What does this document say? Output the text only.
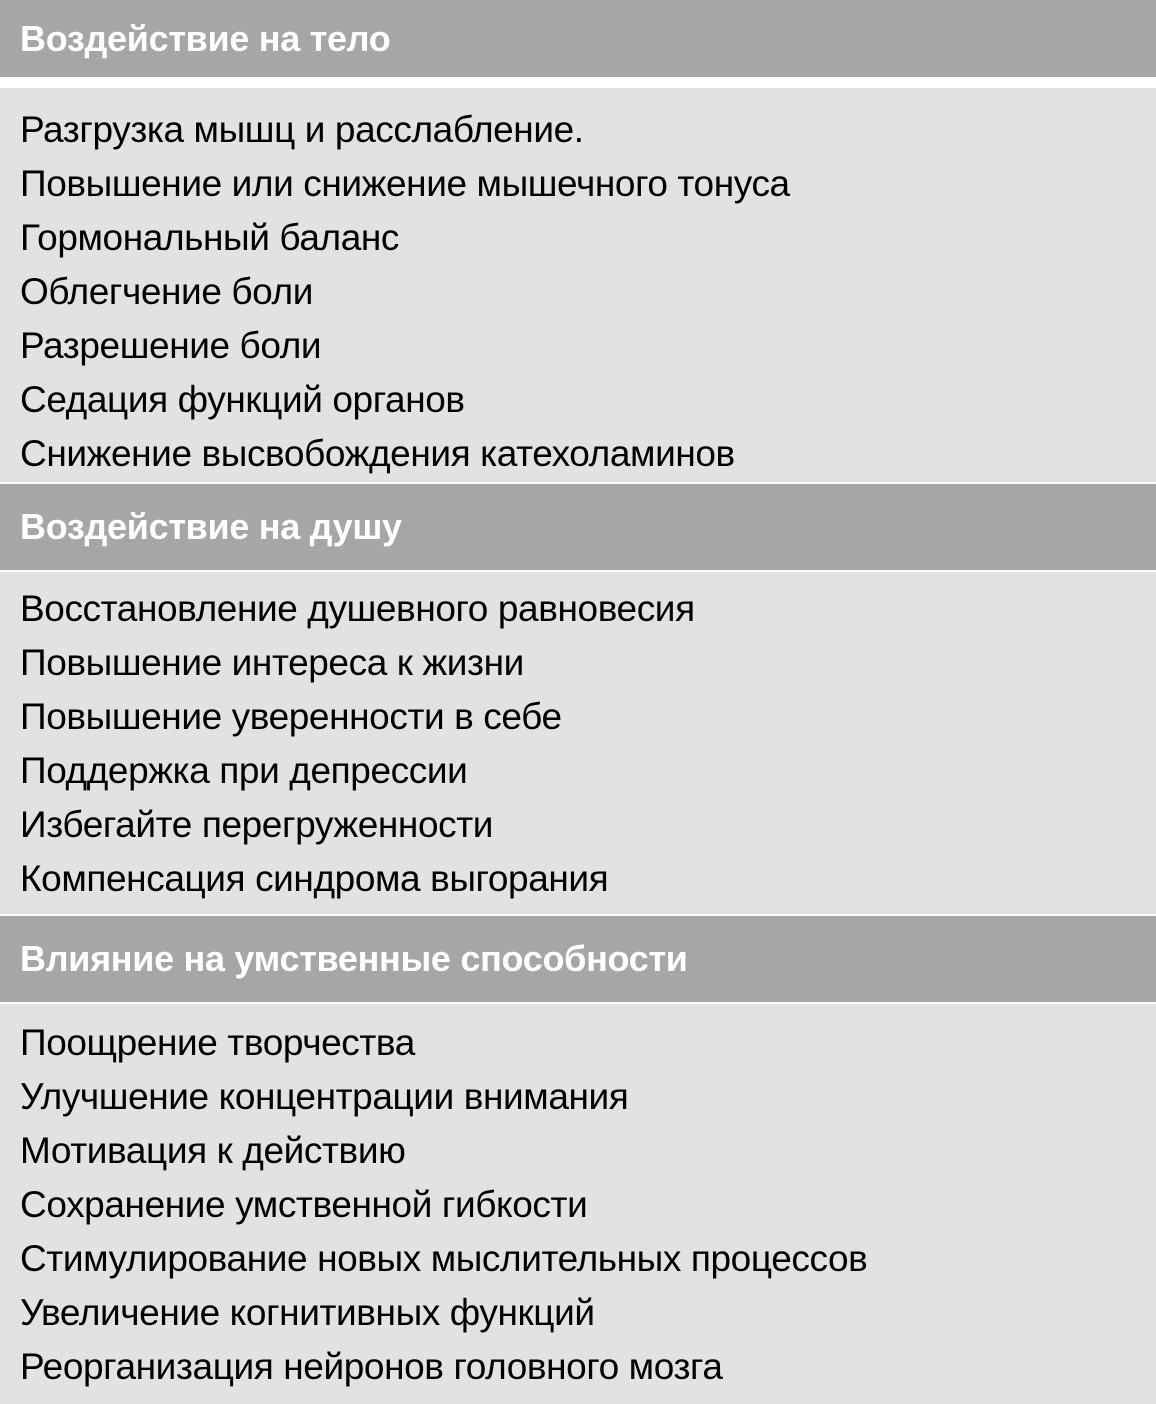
Воздействие на тело
Разгрузка мышц и расслабление.
Повышение или снижение мышечного тонуса
Гормональный баланс
Облегчение боли
Разрешение боли
Седация функций органов
Снижение высвобождения катехоламинов
Воздействие на душу
Восстановление душевного равновесия
Повышение интереса к жизни
Повышение уверенности в себе
Поддержка при депрессии
Избегайте перегруженности
Компенсация синдрома выгорания
Влияние на умственные способности
Поощрение творчества
Улучшение концентрации внимания
Мотивация к действию
Сохранение умственной гибкости
Стимулирование новых мыслительных процессов
Увеличение когнитивных функций
Реорганизация нейронов головного мозга
